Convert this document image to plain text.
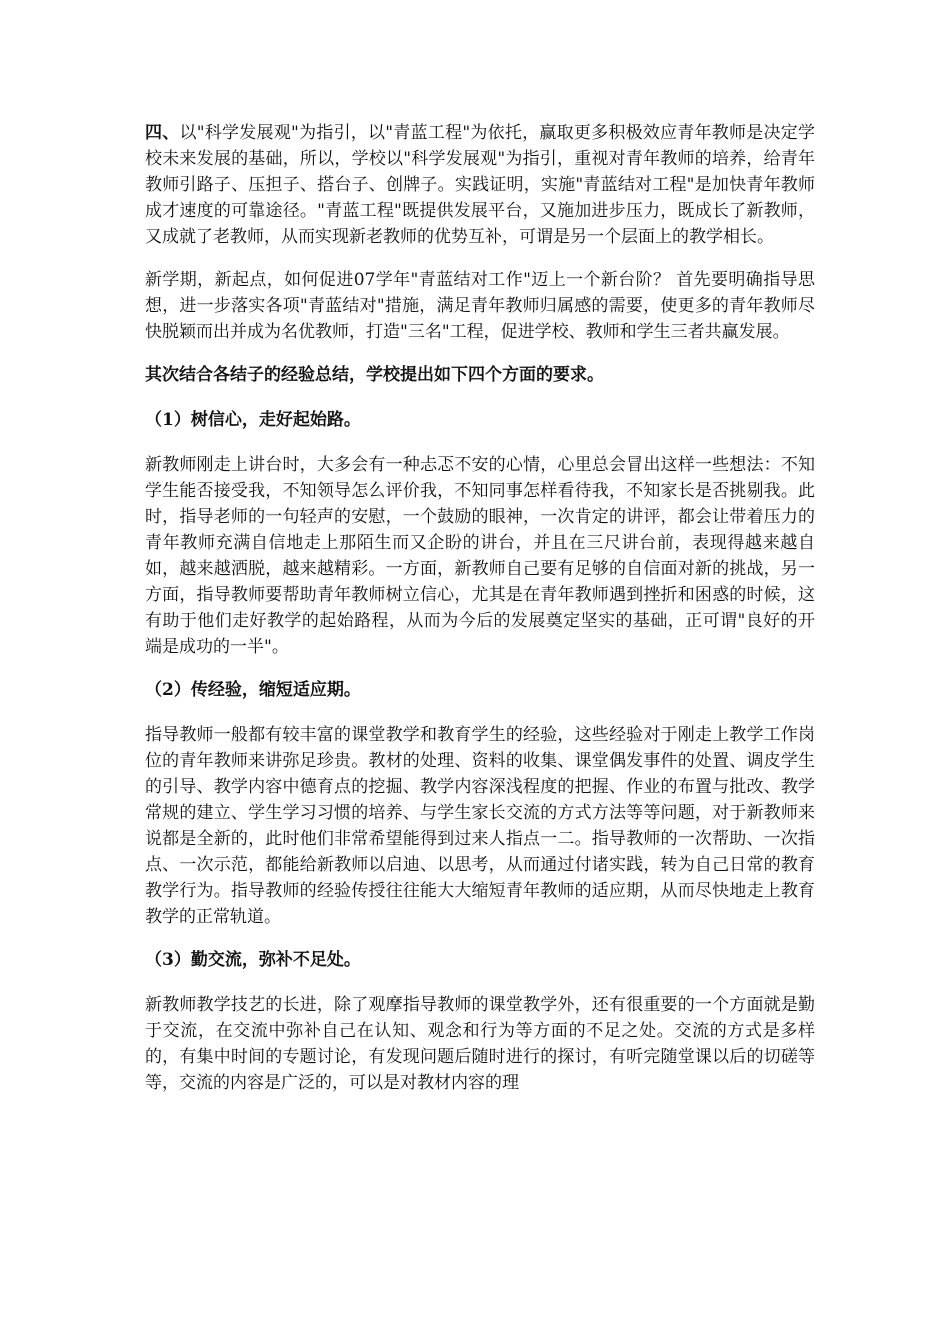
四、以"科学发展观"为指引，以"青蓝工程"为依托，赢取更多积极效应青年教师是决定学校未来发展的基础，所以，学校以"科学发展观"为指引，重视对青年教师的培养，给青年教师引路子、压担子、搭台子、创牌子。实践证明，实施"青蓝结对工程"是加快青年教师成才速度的可靠途径。"青蓝工程"既提供发展平台，又施加进步压力，既成长了新教师，又成就了老教师，从而实现新老教师的优势互补，可谓是另一个层面上的教学相长。

新学期，新起点，如何促进07学年"青蓝结对工作"迈上一个新台阶？ 首先要明确指导思想，进一步落实各项"青蓝结对"措施，满足青年教师归属感的需要，使更多的青年教师尽快脱颖而出并成为名优教师，打造"三名"工程，促进学校、教师和学生三者共赢发展。

其次结合各结子的经验总结，学校提出如下四个方面的要求。

（1）树信心，走好起始路。

新教师刚走上讲台时，大多会有一种忐忑不安的心情，心里总会冒出这样一些想法：不知学生能否接受我，不知领导怎么评价我，不知同事怎样看待我，不知家长是否挑剔我。此时，指导老师的一句轻声的安慰，一个鼓励的眼神，一次肯定的讲评，都会让带着压力的青年教师充满自信地走上那陌生而又企盼的讲台，并且在三尺讲台前，表现得越来越自如，越来越洒脱，越来越精彩。一方面，新教师自己要有足够的自信面对新的挑战，另一方面，指导教师要帮助青年教师树立信心，尤其是在青年教师遇到挫折和困惑的时候，这有助于他们走好教学的起始路程，从而为今后的发展奠定坚实的基础，正可谓"良好的开端是成功的一半"。

（2）传经验，缩短适应期。

指导教师一般都有较丰富的课堂教学和教育学生的经验，这些经验对于刚走上教学工作岗位的青年教师来讲弥足珍贵。教材的处理、资料的收集、课堂偶发事件的处置、调皮学生的引导、教学内容中德育点的挖掘、教学内容深浅程度的把握、作业的布置与批改、教学常规的建立、学生学习习惯的培养、与学生家长交流的方式方法等等问题，对于新教师来说都是全新的，此时他们非常希望能得到过来人指点一二。指导教师的一次帮助、一次指点、一次示范，都能给新教师以启迪、以思考，从而通过付诸实践，转为自己日常的教育教学行为。指导教师的经验传授往往能大大缩短青年教师的适应期，从而尽快地走上教育教学的正常轨道。

（3）勤交流，弥补不足处。

新教师教学技艺的长进，除了观摩指导教师的课堂教学外，还有很重要的一个方面就是勤于交流，在交流中弥补自己在认知、观念和行为等方面的不足之处。交流的方式是多样的，有集中时间的专题讨论，有发现问题后随时进行的探讨，有听完随堂课以后的切磋等等，交流的内容是广泛的，可以是对教材内容的理
